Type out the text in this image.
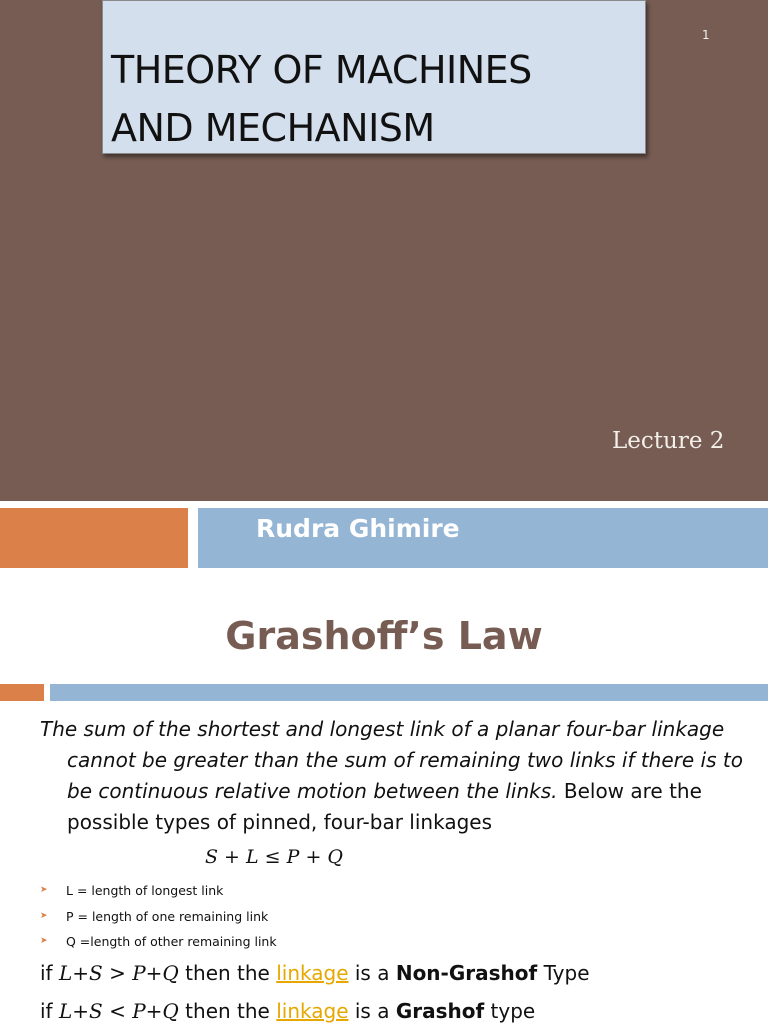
THEORY OF MACHINES
AND MECHANISM
1
Lecture 2
Rudra Ghimire
Grashoff’s Law

The sum of the shortest and longest link of a planar four-bar linkage cannot be greater than the sum of remaining two links if there is to be continuous relative motion between the links. Below are the possible types of pinned, four-bar linkages

S + L ≤ P + Q
➤ L = length of longest link
➤ P = length of one remaining link
➤ Q =length of other remaining link
if L+S > P+Q then the linkage is a Non-Grashof Type
if L+S < P+Q then the linkage is a Grashof type
